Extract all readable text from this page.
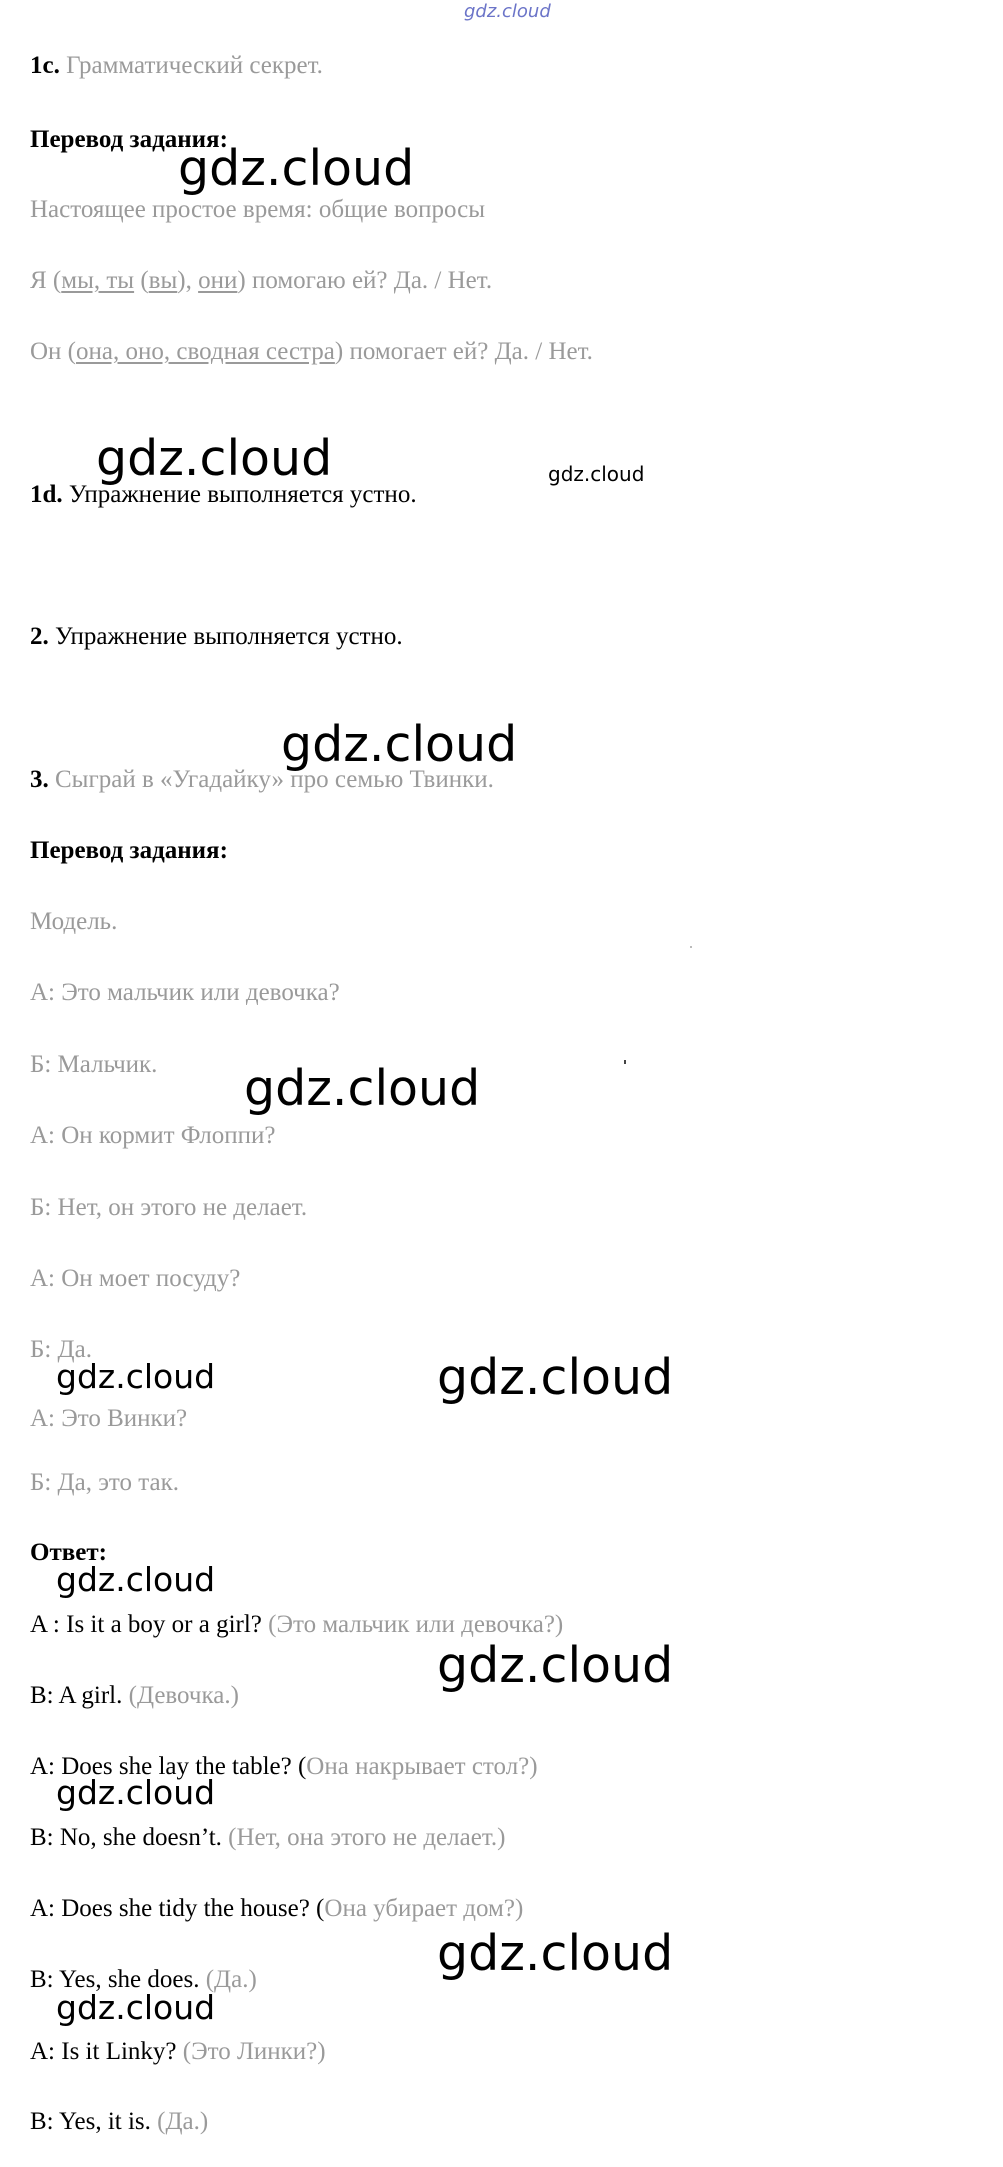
gdz.cloud

1c. Грамматический секрет.

Перевод задания:

Настоящее простое время: общие вопросы

Я (мы, ты (вы), они) помогаю ей? Да. / Нет.

Он (она, оно, сводная сестра) помогает ей? Да. / Нет.

1d. Упражнение выполняется устно.

2. Упражнение выполняется устно.

3. Сыграй в «Угадайку» про семью Твинки.

Перевод задания:

Модель.

А: Это мальчик или девочка?

Б: Мальчик.

А: Он кормит Флоппи?

Б: Нет, он этого не делает.

А: Он моет посуду?

Б: Да.

А: Это Винки?

Б: Да, это так.

Ответ:

A : Is it a boy or a girl? (Это мальчик или девочка?)

B: A girl. (Девочка.)

A: Does she lay the table? (Она накрывает стол?)

B: No, she doesn’t. (Нет, она этого не делает.)

A: Does she tidy the house? (Она убирает дом?)

B: Yes, she does. (Да.)

A: Is it Linky? (Это Линки?)

B: Yes, it is. (Да.)

gdz.cloud
gdz.cloud	gdz.cloud
gdz.cloud
gdz.cloud
gdz.cloud	gdz.cloud
gdz.cloud
gdz.cloud
gdz.cloud
gdz.cloud
gdz.cloud
